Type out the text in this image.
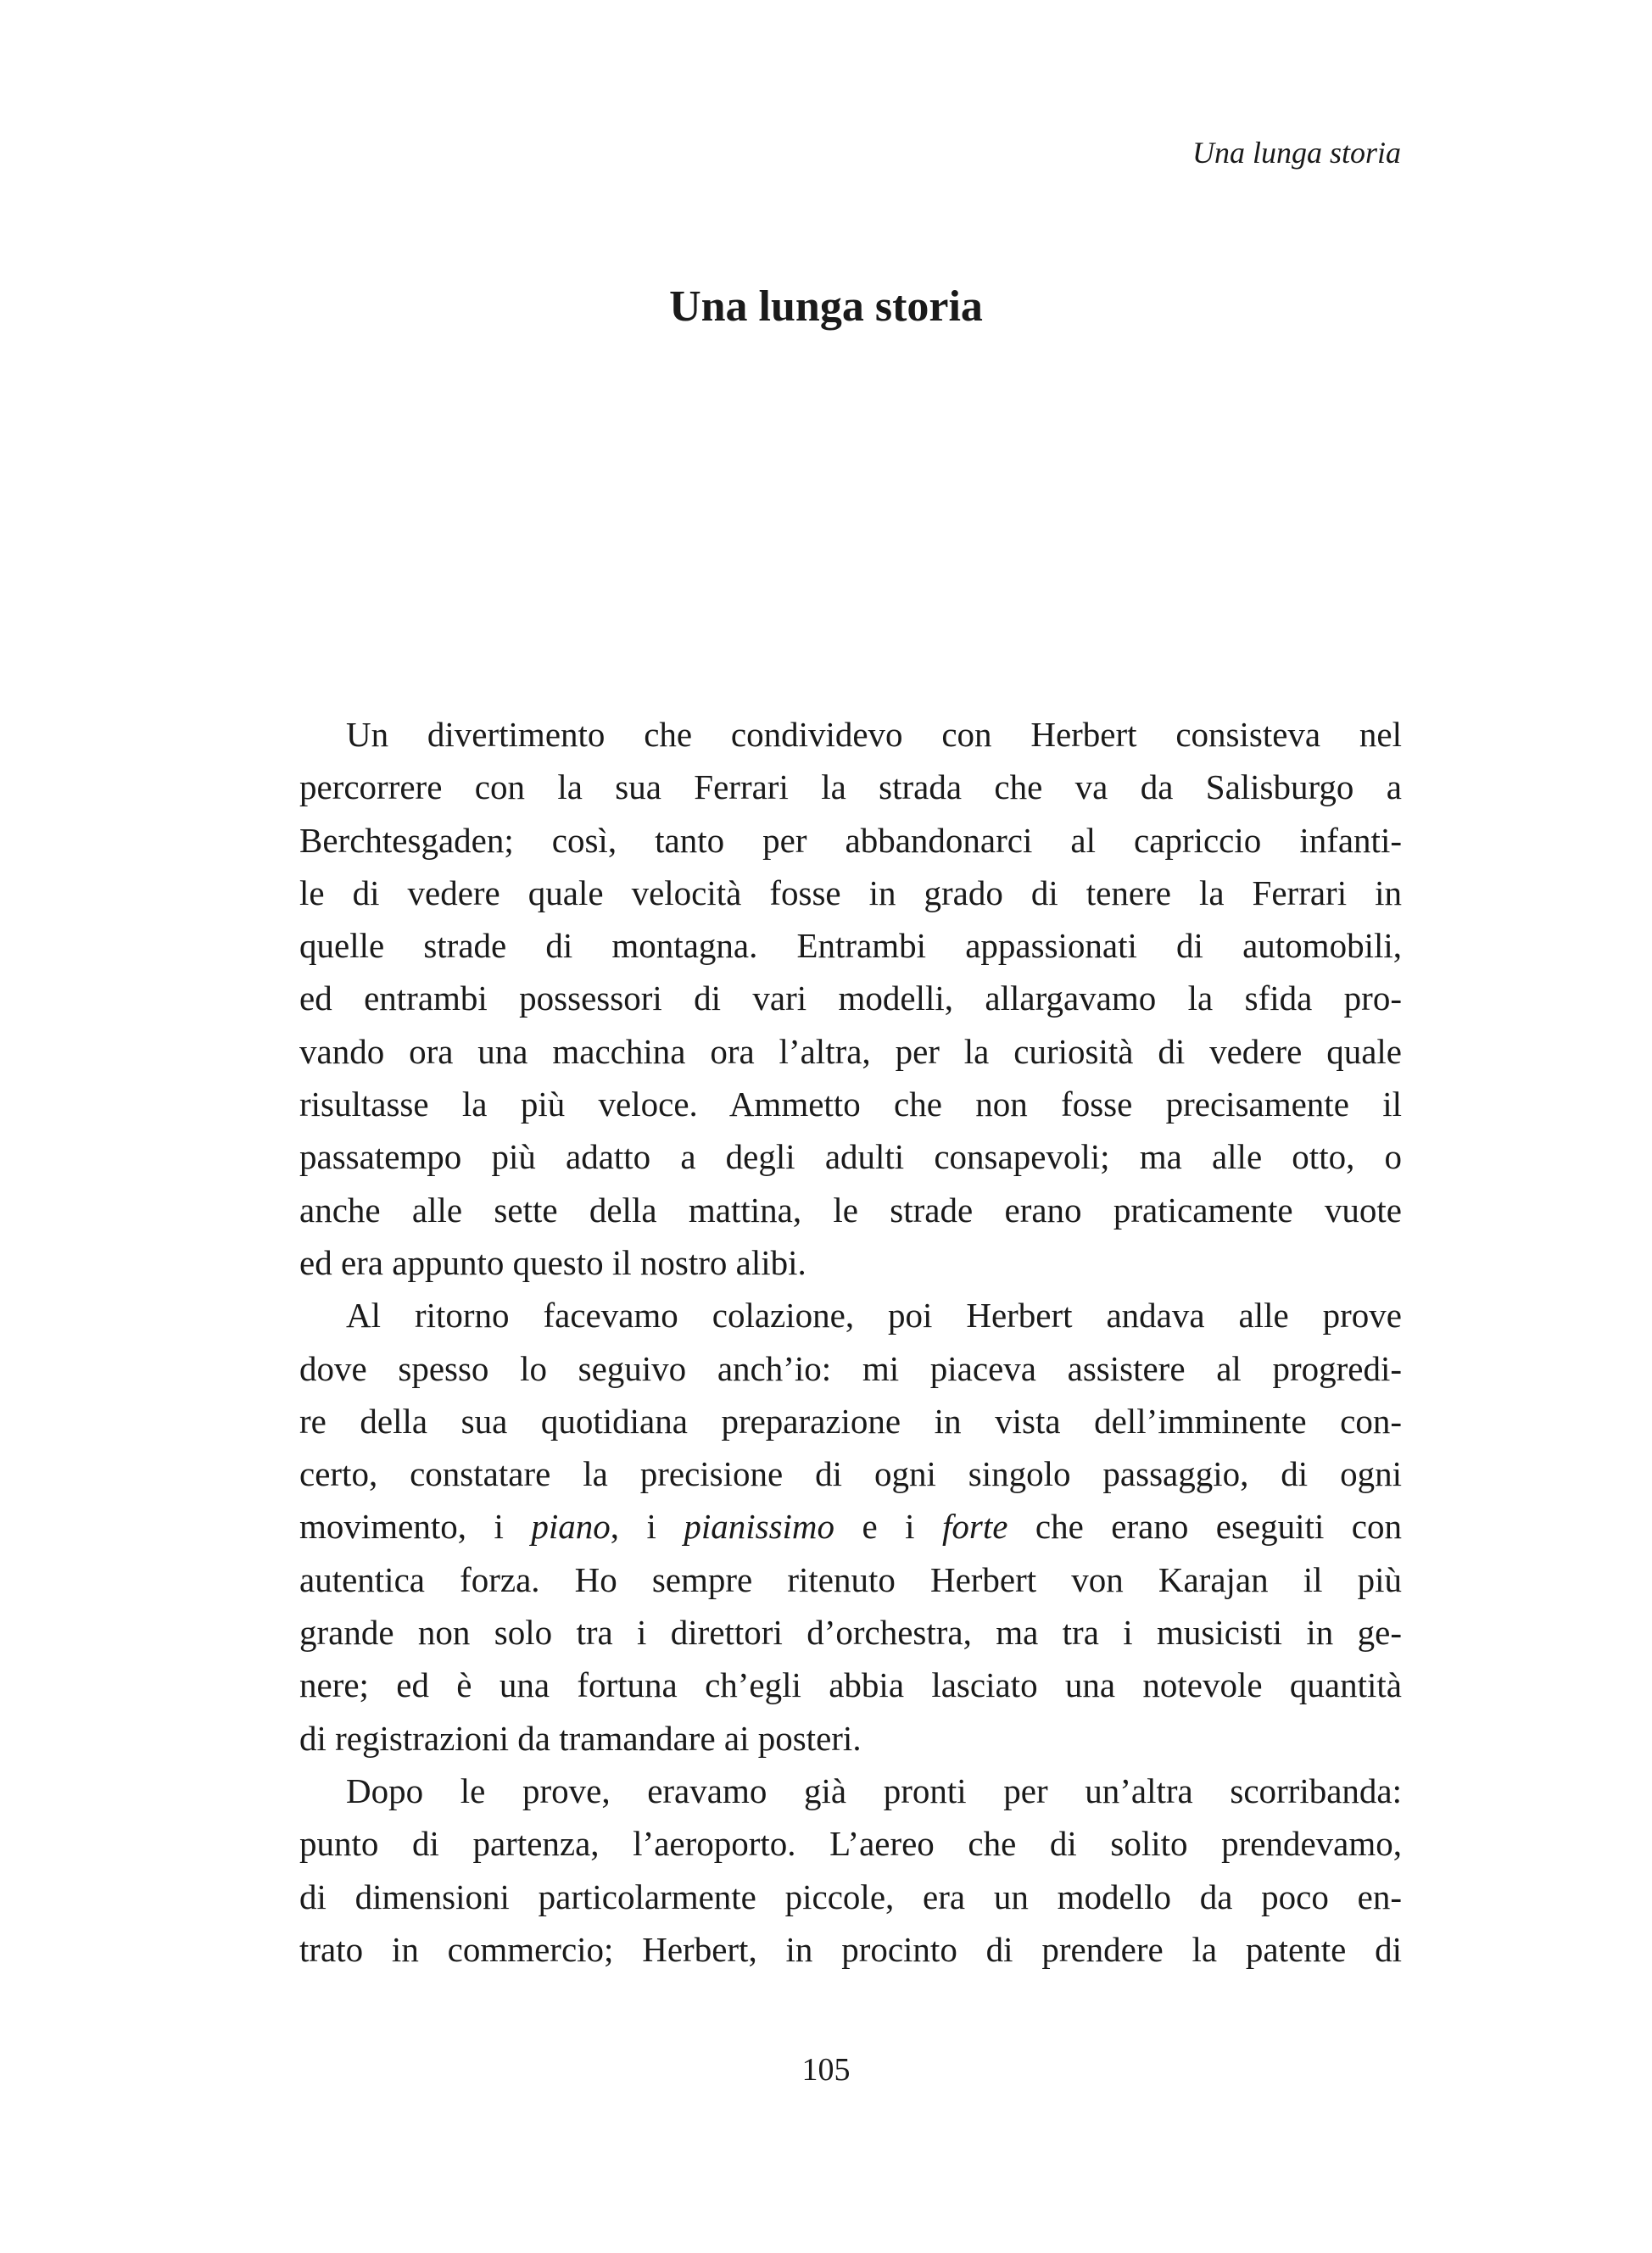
Una lunga storia
Una lunga storia

Un divertimento che condividevo con Herbert consisteva nel
percorrere con la sua Ferrari la strada che va da Salisburgo a
Berchtesgaden; così, tanto per abbandonarci al capriccio infanti-
le di vedere quale velocità fosse in grado di tenere la Ferrari in
quelle strade di montagna. Entrambi appassionati di automobili,
ed entrambi possessori di vari modelli, allargavamo la sfida pro-
vando ora una macchina ora l’altra, per la curiosità di vedere quale
risultasse la più veloce. Ammetto che non fosse precisamente il
passatempo più adatto a degli adulti consapevoli; ma alle otto, o
anche alle sette della mattina, le strade erano praticamente vuote
ed era appunto questo il nostro alibi.

Al ritorno facevamo colazione, poi Herbert andava alle prove
dove spesso lo seguivo anch’io: mi piaceva assistere al progredi-
re della sua quotidiana preparazione in vista dell’imminente con-
certo, constatare la precisione di ogni singolo passaggio, di ogni
movimento, i piano, i pianissimo e i forte che erano eseguiti con
autentica forza. Ho sempre ritenuto Herbert von Karajan il più
grande non solo tra i direttori d’orchestra, ma tra i musicisti in ge-
nere; ed è una fortuna ch’egli abbia lasciato una notevole quantità
di registrazioni da tramandare ai posteri.

Dopo le prove, eravamo già pronti per un’altra scorribanda:
punto di partenza, l’aeroporto. L’aereo che di solito prendevamo,
di dimensioni particolarmente piccole, era un modello da poco en-
trato in commercio; Herbert, in procinto di prendere la patente di

105
